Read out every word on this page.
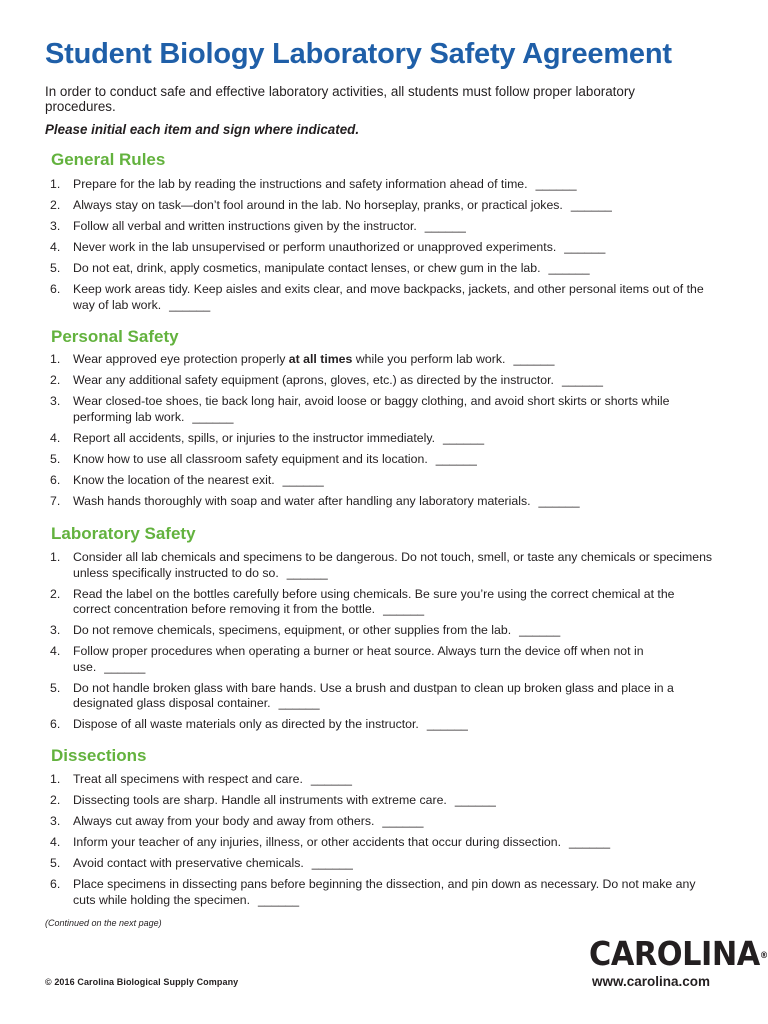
Student Biology Laboratory Safety Agreement

In order to conduct safe and effective laboratory activities, all students must follow proper laboratory procedures.

Please initial each item and sign where indicated.

General Rules
1. Prepare for the lab by reading the instructions and safety information ahead of time. ______
2. Always stay on task—don’t fool around in the lab. No horseplay, pranks, or practical jokes. ______
3. Follow all verbal and written instructions given by the instructor. ______
4. Never work in the lab unsupervised or perform unauthorized or unapproved experiments. ______
5. Do not eat, drink, apply cosmetics, manipulate contact lenses, or chew gum in the lab. ______
6. Keep work areas tidy. Keep aisles and exits clear, and move backpacks, jackets, and other personal items out of the way of lab work. ______
Personal Safety
1. Wear approved eye protection properly at all times while you perform lab work. ______
2. Wear any additional safety equipment (aprons, gloves, etc.) as directed by the instructor. ______
3. Wear closed-toe shoes, tie back long hair, avoid loose or baggy clothing, and avoid short skirts or shorts while performing lab work. ______
4. Report all accidents, spills, or injuries to the instructor immediately. ______
5. Know how to use all classroom safety equipment and its location. ______
6. Know the location of the nearest exit. ______
7. Wash hands thoroughly with soap and water after handling any laboratory materials. ______
Laboratory Safety
1. Consider all lab chemicals and specimens to be dangerous. Do not touch, smell, or taste any chemicals or specimens unless specifically instructed to do so. ______
2. Read the label on the bottles carefully before using chemicals. Be sure you’re using the correct chemical at the correct concentration before removing it from the bottle. ______
3. Do not remove chemicals, specimens, equipment, or other supplies from the lab. ______
4. Follow proper procedures when operating a burner or heat source. Always turn the device off when not in use. ______
5. Do not handle broken glass with bare hands. Use a brush and dustpan to clean up broken glass and place in a designated glass disposal container. ______
6. Dispose of all waste materials only as directed by the instructor. ______
Dissections
1. Treat all specimens with respect and care. ______
2. Dissecting tools are sharp. Handle all instruments with extreme care. ______
3. Always cut away from your body and away from others. ______
4. Inform your teacher of any injuries, illness, or other accidents that occur during dissection. ______
5. Avoid contact with preservative chemicals. ______
6. Place specimens in dissecting pans before beginning the dissection, and pin down as necessary. Do not make any cuts while holding the specimen. ______

(Continued on the next page)

© 2016 Carolina Biological Supply Company

CAROLINA®

www.carolina.com
